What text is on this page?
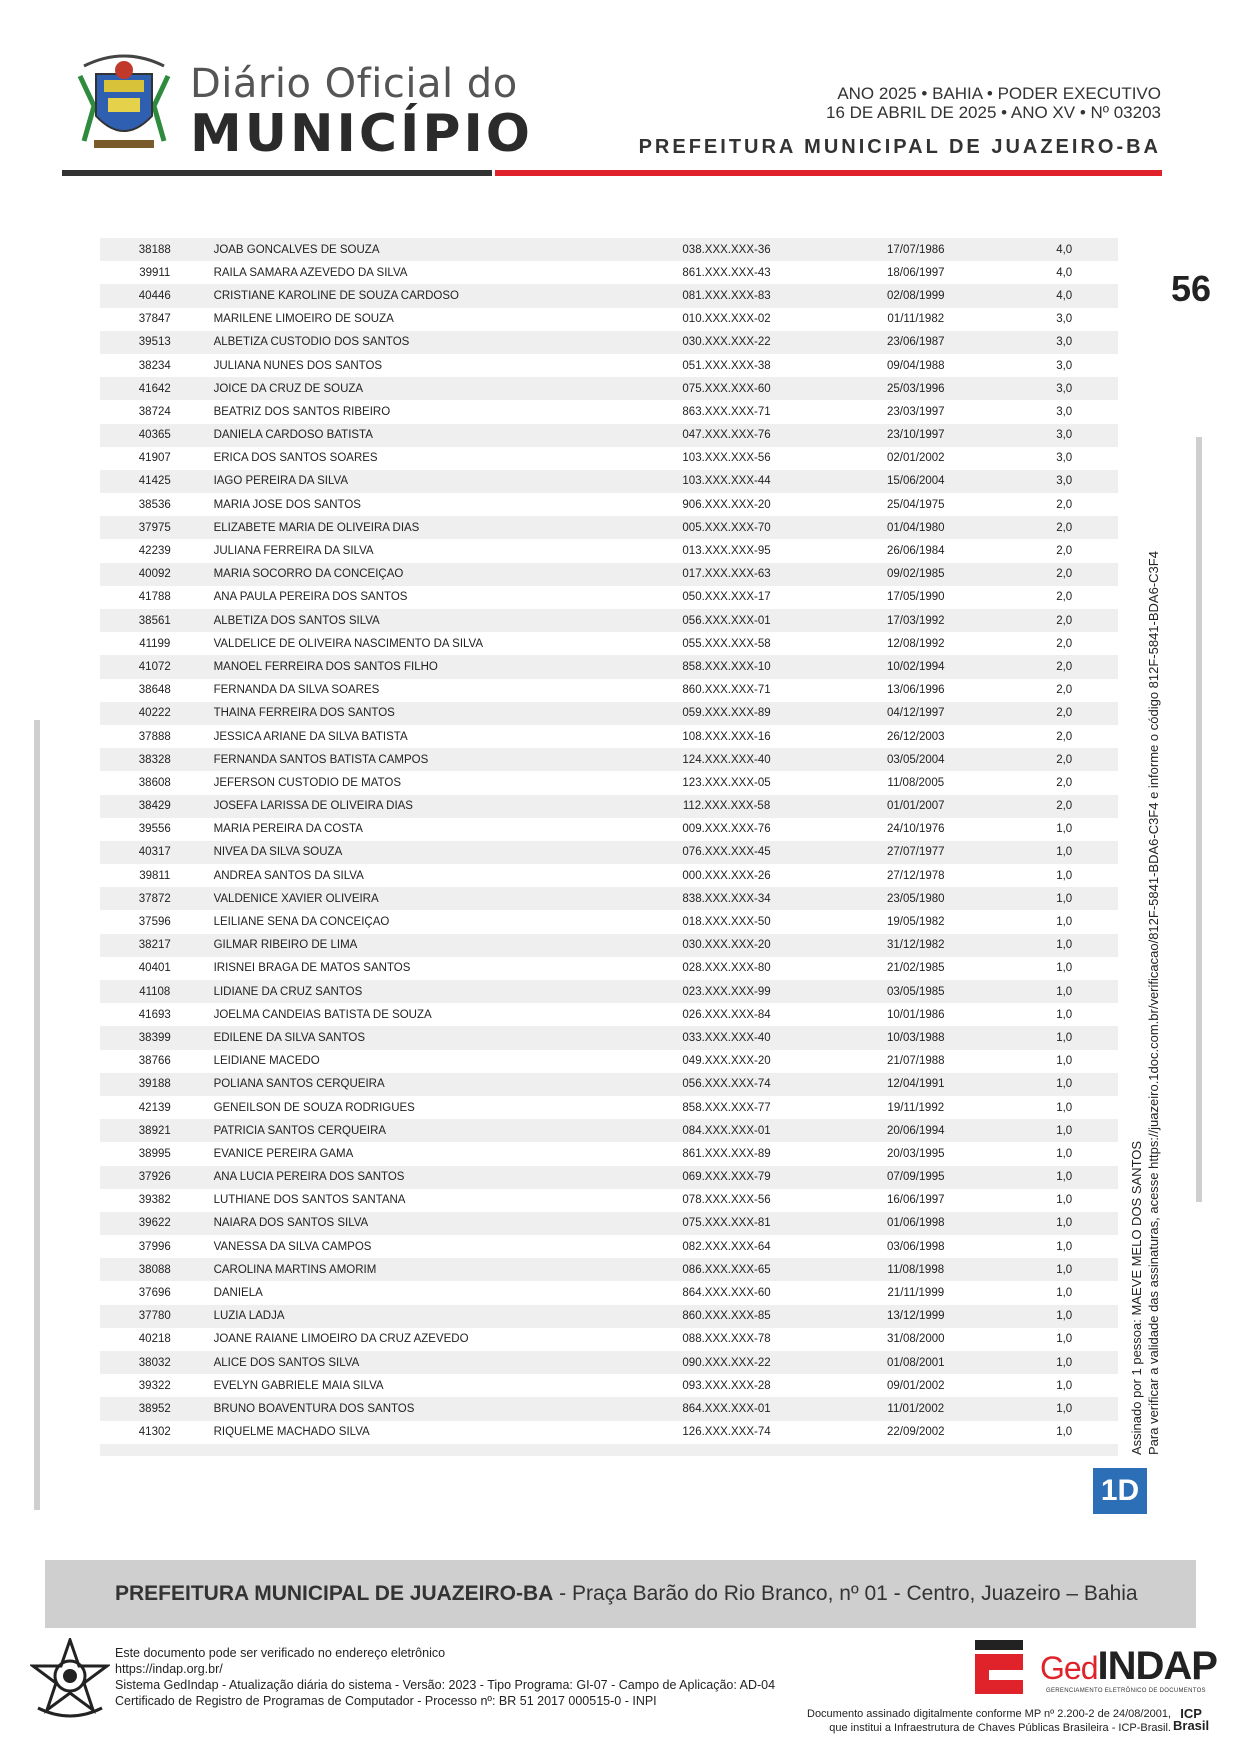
Diário Oficial do
MUNICÍPIO
ANO 2025 • BAHIA • PODER EXECUTIVO
16 DE ABRIL DE 2025 • ANO XV • Nº 03203
PREFEITURA MUNICIPAL DE JUAZEIRO-BA
56
38188	JOAB GONCALVES DE SOUZA	038.XXX.XXX-36	17/07/1986	4,0
39911	RAILA SAMARA AZEVEDO DA SILVA	861.XXX.XXX-43	18/06/1997	4,0
40446	CRISTIANE KAROLINE DE SOUZA CARDOSO	081.XXX.XXX-83	02/08/1999	4,0
37847	MARILENE LIMOEIRO DE SOUZA	010.XXX.XXX-02	01/11/1982	3,0
39513	ALBETIZA CUSTODIO DOS SANTOS	030.XXX.XXX-22	23/06/1987	3,0
38234	JULIANA NUNES DOS SANTOS	051.XXX.XXX-38	09/04/1988	3,0
41642	JOICE DA CRUZ DE SOUZA	075.XXX.XXX-60	25/03/1996	3,0
38724	BEATRIZ DOS SANTOS RIBEIRO	863.XXX.XXX-71	23/03/1997	3,0
40365	DANIELA CARDOSO BATISTA	047.XXX.XXX-76	23/10/1997	3,0
41907	ERICA DOS SANTOS SOARES	103.XXX.XXX-56	02/01/2002	3,0
41425	IAGO PEREIRA DA SILVA	103.XXX.XXX-44	15/06/2004	3,0
38536	MARIA JOSE DOS SANTOS	906.XXX.XXX-20	25/04/1975	2,0
37975	ELIZABETE MARIA DE OLIVEIRA DIAS	005.XXX.XXX-70	01/04/1980	2,0
42239	JULIANA FERREIRA DA SILVA	013.XXX.XXX-95	26/06/1984	2,0
40092	MARIA SOCORRO DA CONCEIÇÃO	017.XXX.XXX-63	09/02/1985	2,0
41788	ANA PAULA PEREIRA DOS SANTOS	050.XXX.XXX-17	17/05/1990	2,0
38561	ALBETIZA DOS SANTOS SILVA	056.XXX.XXX-01	17/03/1992	2,0
41199	VALDELICE DE OLIVEIRA NASCIMENTO DA SILVA	055.XXX.XXX-58	12/08/1992	2,0
41072	MANOEL FERREIRA DOS SANTOS FILHO	858.XXX.XXX-10	10/02/1994	2,0
38648	FERNANDA DA SILVA SOARES	860.XXX.XXX-71	13/06/1996	2,0
40222	THAINÁ FERREIRA DOS SANTOS	059.XXX.XXX-89	04/12/1997	2,0
37888	JÉSSICA ARIANE DA SILVA BATISTA	108.XXX.XXX-16	26/12/2003	2,0
38328	FERNANDA SANTOS BATISTA CAMPOS	124.XXX.XXX-40	03/05/2004	2,0
38608	JEFERSON CUSTÓDIO DE MATOS	123.XXX.XXX-05	11/08/2005	2,0
38429	JOSEFA LARISSA DE OLIVEIRA DIAS	112.XXX.XXX-58	01/01/2007	2,0
39556	MARIA PEREIRA DA COSTA	009.XXX.XXX-76	24/10/1976	1,0
40317	NIVEA DA SILVA SOUZA	076.XXX.XXX-45	27/07/1977	1,0
39811	ANDREA SANTOS DA SILVA	000.XXX.XXX-26	27/12/1978	1,0
37872	VALDENICE XAVIER OLIVEIRA	838.XXX.XXX-34	23/05/1980	1,0
37596	LEILIANE SENA DA CONCEIÇÃO	018.XXX.XXX-50	19/05/1982	1,0
38217	GILMAR RIBEIRO DE LIMA	030.XXX.XXX-20	31/12/1982	1,0
40401	IRISNEI BRAGA DE MATOS SANTOS	028.XXX.XXX-80	21/02/1985	1,0
41108	LIDIANE DA CRUZ SANTOS	023.XXX.XXX-99	03/05/1985	1,0
41693	JOELMA CANDEIAS BATISTA DE SOUZA	026.XXX.XXX-84	10/01/1986	1,0
38399	EDILENE DA SILVA SANTOS	033.XXX.XXX-40	10/03/1988	1,0
38766	LEIDIANE MACEDO	049.XXX.XXX-20	21/07/1988	1,0
39188	POLIANA SANTOS CERQUEIRA	056.XXX.XXX-74	12/04/1991	1,0
42139	GENEILSON DE SOUZA RODRIGUES	858.XXX.XXX-77	19/11/1992	1,0
38921	PATRÍCIA SANTOS CERQUEIRA	084.XXX.XXX-01	20/06/1994	1,0
38995	EVANICE PEREIRA GAMA	861.XXX.XXX-89	20/03/1995	1,0
37926	ANA LUCIA PEREIRA DOS SANTOS	069.XXX.XXX-79	07/09/1995	1,0
39382	LUTHIANE DOS SANTOS SANTANA	078.XXX.XXX-56	16/06/1997	1,0
39622	NAIARA DOS SANTOS SILVA	075.XXX.XXX-81	01/06/1998	1,0
37996	VANESSA DA SILVA CAMPOS	082.XXX.XXX-64	03/06/1998	1,0
38088	CAROLINA MARTINS AMORIM	086.XXX.XXX-65	11/08/1998	1,0
37696	DANIELA	864.XXX.XXX-60	21/11/1999	1,0
37780	LUZIA LADJA	860.XXX.XXX-85	13/12/1999	1,0
40218	JOANE RAIANE LIMOEIRO DA CRUZ AZEVEDO	088.XXX.XXX-78	31/08/2000	1,0
38032	ALICE DOS SANTOS SILVA	090.XXX.XXX-22	01/08/2001	1,0
39322	EVELYN GABRIELE MAIA SILVA	093.XXX.XXX-28	09/01/2002	1,0
38952	BRUNO BOAVENTURA DOS SANTOS	864.XXX.XXX-01	11/01/2002	1,0
41302	RIQUELME MACHADO SILVA	126.XXX.XXX-74	22/09/2002	1,0	Assinado por 1 pessoa: MAEVE MELO DOS SANTOS Para verificar a validade das assinaturas, acesse https://juazeiro.1doc.com.br/verificacao/812F-5841-BDA6-C3F4 e informe o código 812F-5841-BDA6-C3F4
1D
PREFEITURA MUNICIPAL DE JUAZEIRO-BA - Praça Barão do Rio Branco, nº 01 - Centro, Juazeiro – Bahia
Este documento pode ser verificado no endereço eletrônico
https://indap.org.br/
Sistema GedIndap - Atualização diária do sistema - Versão: 2023 - Tipo Programa: GI-07 - Campo de Aplicação: AD-04
Certificado de Registro de Programas de Computador - Processo nº: BR 51 2017 000515-0 - INPI
GedINDAP
GERENCIAMENTO ELETRÔNICO DE DOCUMENTOS
Documento assinado digitalmente conforme MP nº 2.200-2 de 24/08/2001,
que institui a Infraestrutura de Chaves Públicas Brasileira - ICP-Brasil.
ICP
Brasil
